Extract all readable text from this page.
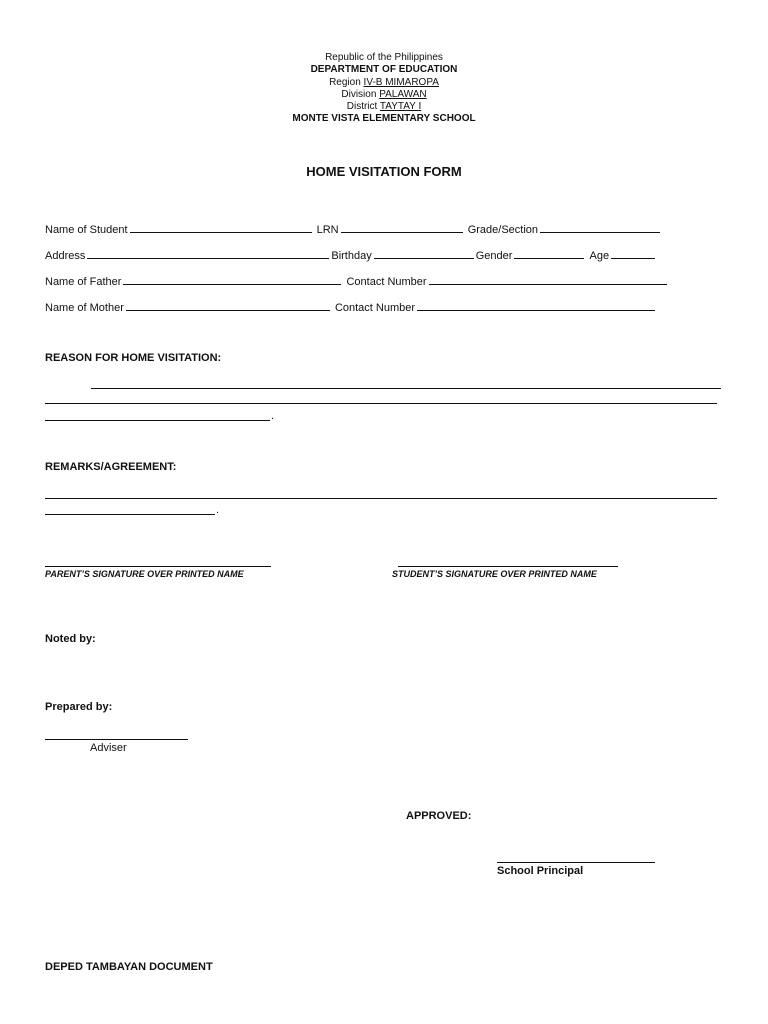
Republic of the Philippines
DEPARTMENT OF EDUCATION
Region IV-B MIMAROPA
Division PALAWAN
District TAYTAY I
MONTE VISTA ELEMENTARY SCHOOL
HOME VISITATION FORM
Name of Student	LRN	Grade/Section
Address	Birthday	Gender	Age
Name of Father	Contact Number
Name of Mother	Contact Number
REASON FOR HOME VISITATION:
.
REMARKS/AGREEMENT:
.
PARENT’S SIGNATURE OVER PRINTED NAME	STUDENT’S SIGNATURE OVER PRINTED NAME
Noted by:
Prepared by:
Adviser
APPROVED:
School Principal
DEPED TAMBAYAN DOCUMENT
